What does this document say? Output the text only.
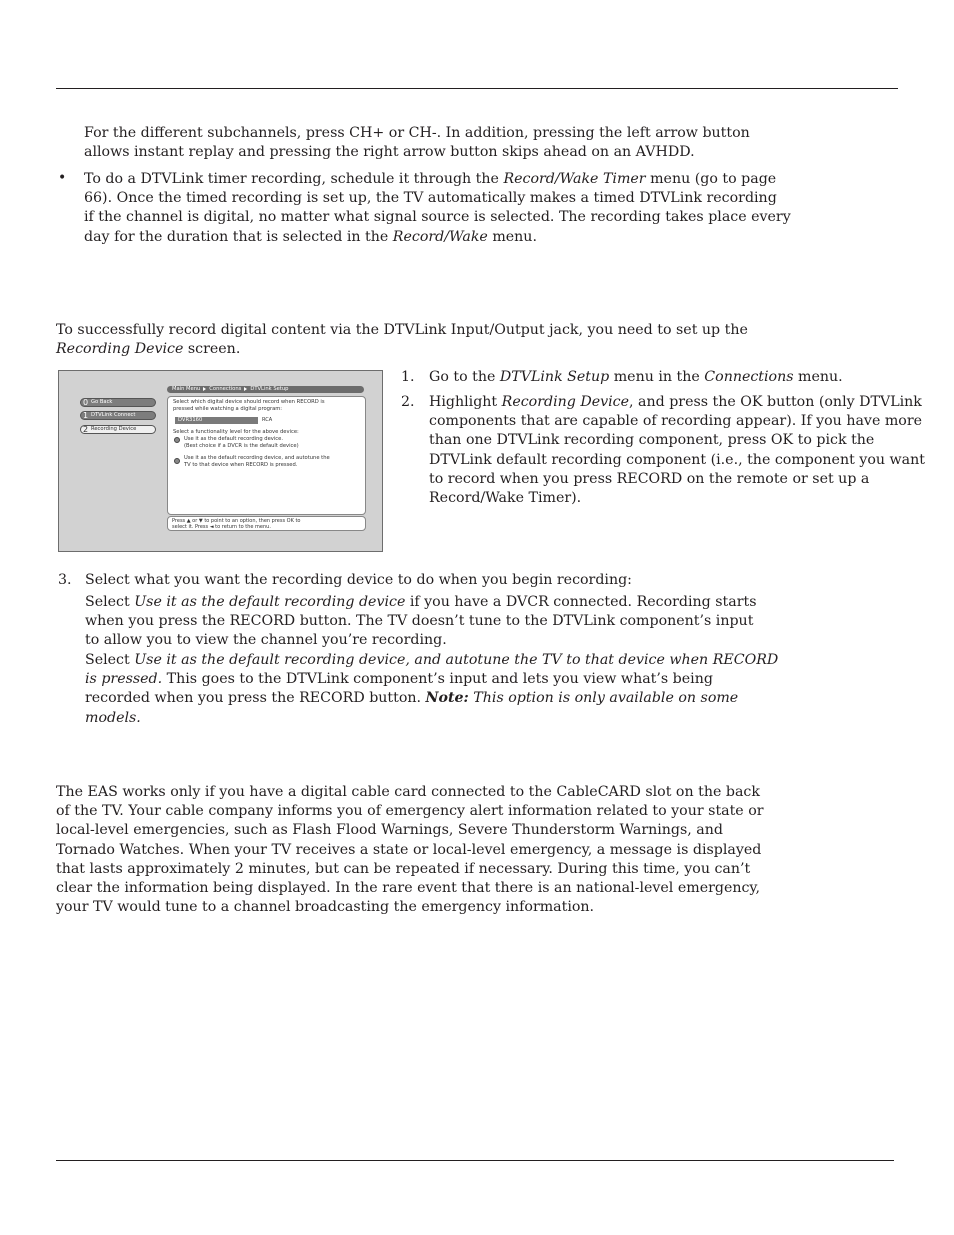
For the different subchannels, press CH+ or CH-. In addition, pressing the left arrow button
allows instant replay and pressing the right arrow button skips ahead on an AVHDD.
• To do a DTVLink timer recording, schedule it through the Record/Wake Timer menu (go to page
66). Once the timed recording is set up, the TV automatically makes a timed DTVLink recording
if the channel is digital, no matter what signal source is selected. The recording takes place every
day for the duration that is selected in the Record/Wake menu.
To successfully record digital content via the DTVLink Input/Output jack, you need to set up the
Recording Device screen.
Main Menu Connections DTVLink Setup
0 Go Back
1 DTVLink Connect
2 Recording Device
Select which digital device should record when RECORD is
pressed while watching a digital program:
DVR3160	RCA
Select a functionality level for the above device:
Use it as the default recording device.
(Best choice if a DVCR is the default device)
Use it as the default recording device, and autotune the
TV to that device when RECORD is pressed.
Press ▲ or ▼ to point to an option, then press OK to
select it. Press ◄ to return to the menu.
1. Go to the DTVLink Setup menu in the Connections menu.
2. Highlight Recording Device, and press the OK button (only DTVLink
components that are capable of recording appear). If you have more
than one DTVLink recording component, press OK to pick the
DTVLink default recording component (i.e., the component you want
to record when you press RECORD on the remote or set up a
Record/Wake Timer).
3. Select what you want the recording device to do when you begin recording:
Select Use it as the default recording device if you have a DVCR connected. Recording starts
when you press the RECORD button. The TV doesn’t tune to the DTVLink component’s input
to allow you to view the channel you’re recording.
Select Use it as the default recording device, and autotune the TV to that device when RECORD
is pressed. This goes to the DTVLink component’s input and lets you view what’s being
recorded when you press the RECORD button. Note: This option is only available on some
models.
The EAS works only if you have a digital cable card connected to the CableCARD slot on the back
of the TV. Your cable company informs you of emergency alert information related to your state or
local-level emergencies, such as Flash Flood Warnings, Severe Thunderstorm Warnings, and
Tornado Watches. When your TV receives a state or local-level emergency, a message is displayed
that lasts approximately 2 minutes, but can be repeated if necessary. During this time, you can’t
clear the information being displayed. In the rare event that there is an national-level emergency,
your TV would tune to a channel broadcasting the emergency information.
